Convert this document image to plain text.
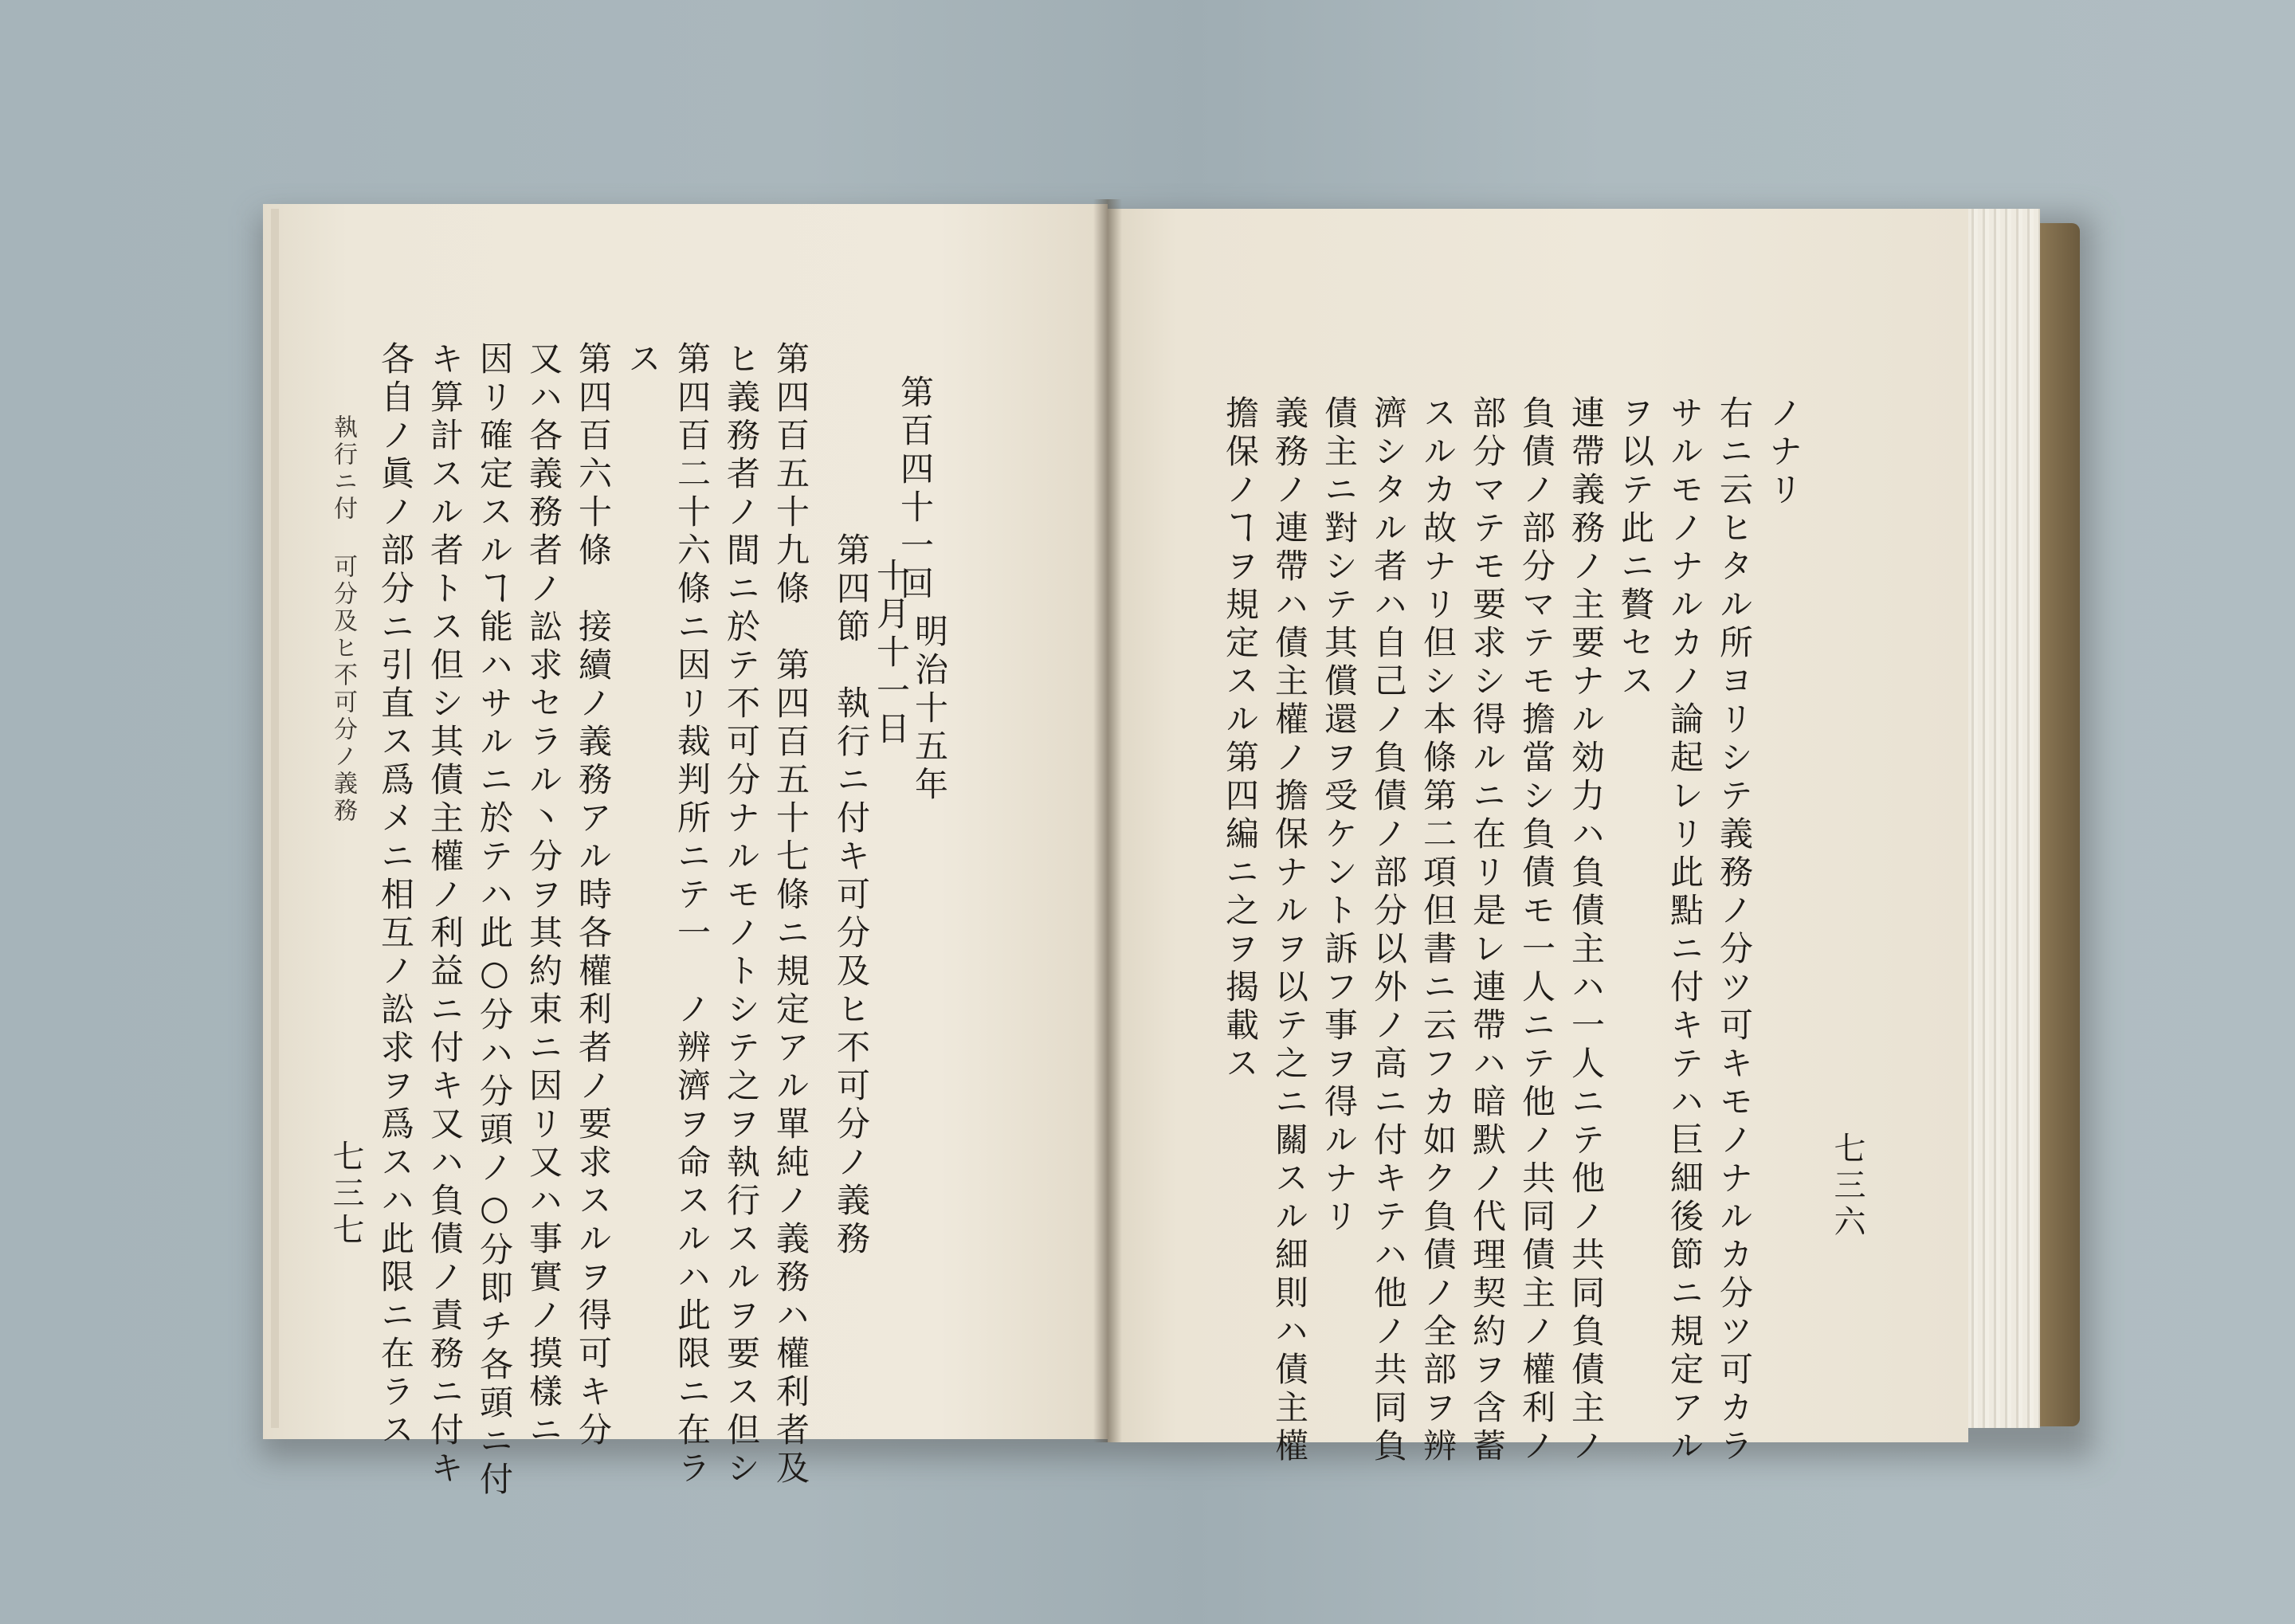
執行ニ付 可分及ヒ不可分ノ義務
七三七 各自ノ眞ノ部分ニ引直ス爲メニ相互ノ訟求ヲ爲スハ此限ニ在ラス キ算計スル者トス但シ其債主權ノ利益ニ付キ又ハ負債ノ責務ニ付キ 因リ確定スルヿ能ハサルニ於テハ此○分ハ分頭ノ○分即チ各頭ニ付 又ハ各義務者ノ訟求セラル丶分ヲ其約束ニ因リ又ハ事實ノ摸樣ニ 第四百六十條　接續ノ義務アル時各權利者ノ要求スルヲ得可キ分 ス 第四百二十六條ニ因リ裁判所ニテ一　ノ辨濟ヲ命スルハ此限ニ在ラ ヒ義務者ノ間ニ於テ不可分ナルモノトシテ之ヲ執行スルヲ要ス但シ 第四百五十九條　第四百五十七條ニ規定アル單純ノ義務ハ權利者及 第四節　執行ニ付キ可分及ヒ不可分ノ義務 十月十一日 明治十五年
第百四十一回	ノナリ
右ニ云ヒタル所ヨリシテ義務ノ分ツ可キモノナルカ分ツ可カラ
サルモノナルカノ論起レリ此點ニ付キテハ巨細後節ニ規定アル
ヲ以テ此ニ贅セス
連帶義務ノ主要ナル効力ハ負債主ハ一人ニテ他ノ共同負債主ノ
負債ノ部分マテモ擔當シ負債モ一人ニテ他ノ共同債主ノ權利ノ
部分マテモ要求シ得ルニ在リ是レ連帶ハ暗默ノ代理契約ヲ含蓄
スルカ故ナリ但シ本條第二項但書ニ云フカ如ク負債ノ全部ヲ辨
濟シタル者ハ自己ノ負債ノ部分以外ノ高ニ付キテハ他ノ共同負
債主ニ對シテ其償還ヲ受ケント訴フ事ヲ得ルナリ
義務ノ連帶ハ債主權ノ擔保ナルヲ以テ之ニ關スル細則ハ債主權
擔保ノヿヲ規定スル第四編ニ之ヲ揭載ス
七三六
